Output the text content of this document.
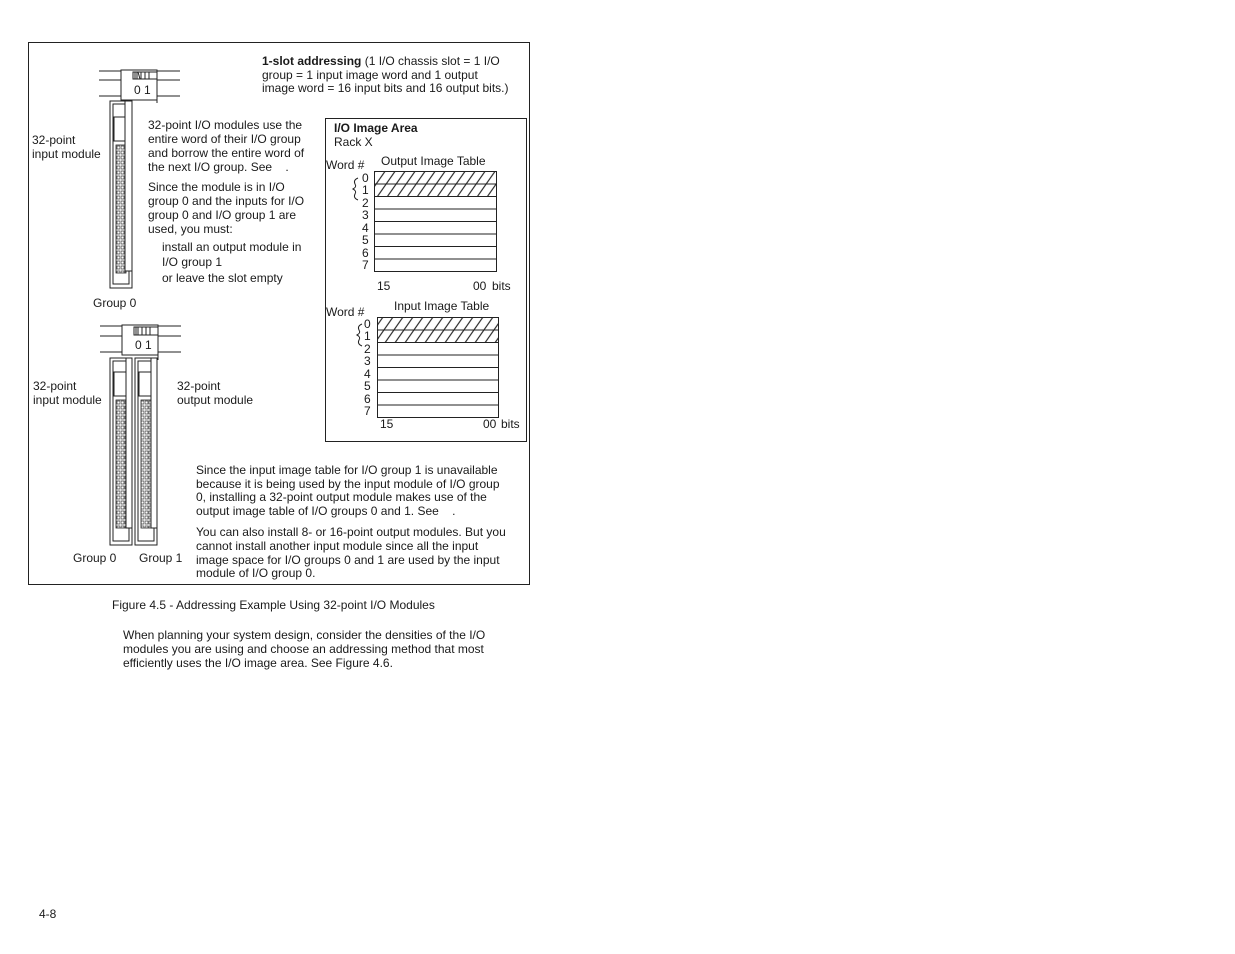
1-slot addressing (1 I/O chassis slot = 1 I/O
group = 1 input image word and 1 output
image word = 16 input bits and 16 output bits.)
0 1
32-point
input module
32-point I/O modules use the
entire word of their I/O group
and borrow the entire word of
the next I/O group. See    .
Since the module is in I/O
group 0 and the inputs for I/O
group 0 and I/O group 1 are
used, you must:
install an output module in
I/O group 1
or leave the slot empty
Group 0
0 1
32-point
input module
32-point
output module
Since the input image table for I/O group 1 is unavailable
because it is being used by the input module of I/O group
0, installing a 32-point output module makes use of the
output image table of I/O groups 0 and 1. See    .
You can also install 8- or 16-point output modules. But you
cannot install another input module since all the input
image space for I/O groups 0 and 1 are used by the input
module of I/O group 0.
Group 0 Group 1
I/O Image Area
Rack X
Output Image Table
Word #
0
1
2
3
4
5
6
7
15	00 bits
Input Image Table
Word #
0
1
2
3
4
5
6
7
15	00 bits
Figure 4.5 - Addressing Example Using 32-point I/O Modules
When planning your system design, consider the densities of the I/O
modules you are using and choose an addressing method that most
efficiently uses the I/O image area. See Figure 4.6.
4-8
